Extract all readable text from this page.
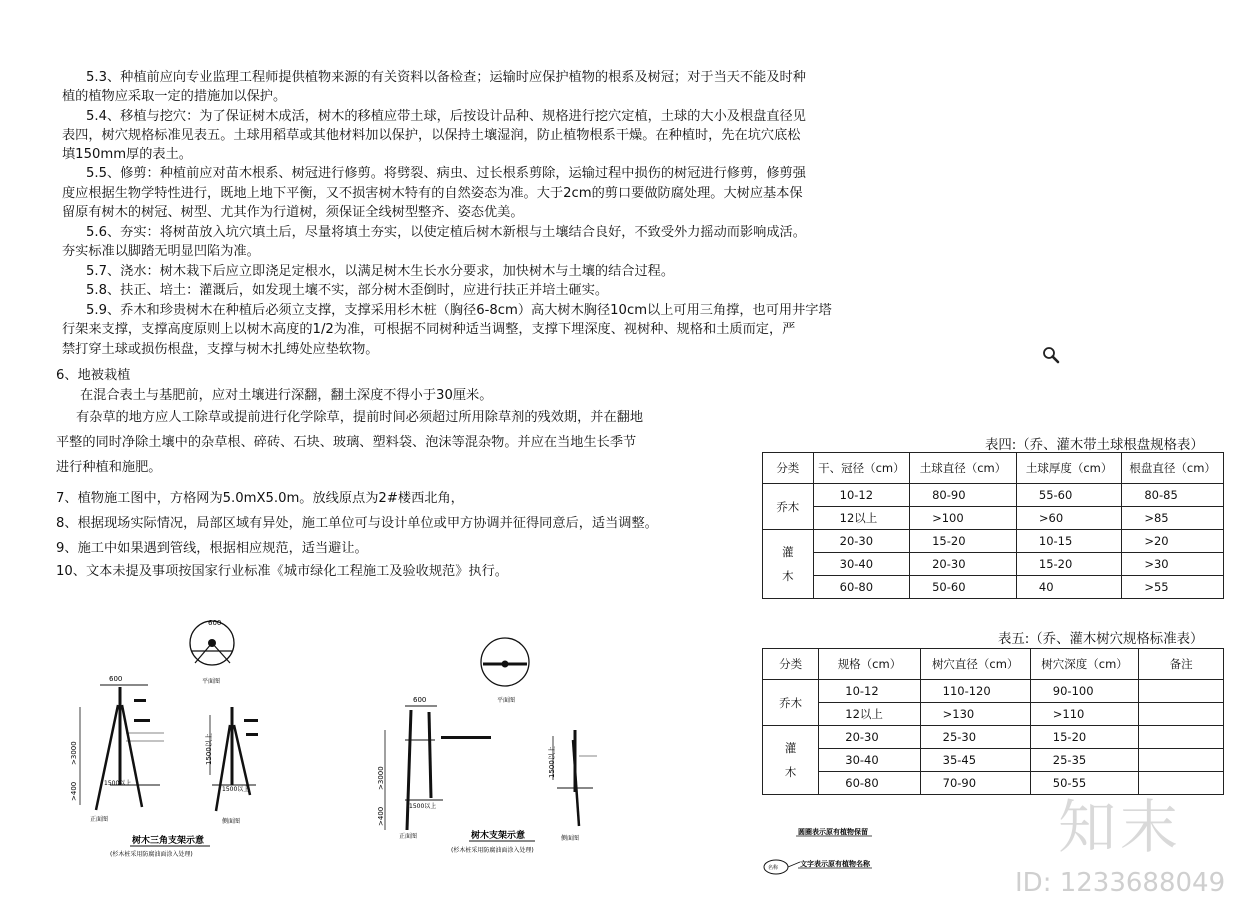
5.3、种植前应向专业监理工程师提供植物来源的有关资料以备检查；运输时应保护植物的根系及树冠；对于当天不能及时种
植的植物应采取一定的措施加以保护。
5.4、移植与挖穴：为了保证树木成活，树木的移植应带土球，后按设计品种、规格进行挖穴定植，土球的大小及根盘直径见
表四，树穴规格标准见表五。土球用稻草或其他材料加以保护，以保持土壤湿润，防止植物根系干燥。在种植时，先在坑穴底松
填150mm厚的表土。
5.5、修剪：种植前应对苗木根系、树冠进行修剪。将劈裂、病虫、过长根系剪除，运输过程中损伤的树冠进行修剪，修剪强
度应根据生物学特性进行，既地上地下平衡，又不损害树木特有的自然姿态为准。大于2cm的剪口要做防腐处理。大树应基本保
留原有树木的树冠、树型、尤其作为行道树，须保证全线树型整齐、姿态优美。
5.6、夯实：将树苗放入坑穴填土后，尽量将填土夯实，以使定植后树木新根与土壤结合良好，不致受外力摇动而影响成活。
夯实标准以脚踏无明显凹陷为准。
5.7、浇水：树木栽下后应立即浇足定根水，以满足树木生长水分要求，加快树木与土壤的结合过程。
5.8、扶正、培土：灌溉后，如发现土壤不实，部分树木歪倒时，应进行扶正并培土砸实。
5.9、乔木和珍贵树木在种植后必须立支撑，支撑采用杉木桩（胸径6-8cm）高大树木胸径10cm以上可用三角撑，也可用井字塔
行架来支撑，支撑高度原则上以树木高度的1/2为准，可根据不同树种适当调整，支撑下埋深度、视树种、规格和土质而定，严
禁打穿土球或损伤根盘，支撑与树木扎缚处应垫软物。
6、地被栽植
在混合表土与基肥前，应对土壤进行深翻，翻土深度不得小于30厘米。
有杂草的地方应人工除草或提前进行化学除草，提前时间必须超过所用除草剂的残效期，并在翻地
平整的同时净除土壤中的杂草根、碎砖、石块、玻璃、塑料袋、泡沫等混杂物。并应在当地生长季节
进行种植和施肥。
7、植物施工图中，方格网为5.0mX5.0m。放线原点为2#楼西北角，
8、根据现场实际情况，局部区域有异处，施工单位可与设计单位或甲方协调并征得同意后，适当调整。
9、施工中如果遇到管线，根据相应规范，适当避让。
10、文本未提及事项按国家行业标准《城市绿化工程施工及验收规范》执行。
表四:（乔、灌木带土球根盘规格表）
分类	干、冠径（cm）	土球直径（cm）	土球厚度（cm）	根盘直径（cm）
乔木	10-12	80-90	55-60	80-85
	12以上	>100	>60	>85
灌

木	20-30	15-20	10-15	>20
	30-40	20-30	15-20	>30
	60-80	50-60	40	>55
表五:（乔、灌木树穴规格标准表）
分类	规格（cm）	树穴直径（cm）	树穴深度（cm）	备注
乔木	10-12	110-120	90-100	
	12以上	>130	>110	
灌

木	20-30	25-30	15-20	
	30-40	35-45	25-35	
	60-80	70-90	50-55	
600
平面图
600
1500以上
>3000
>400
正面图
1500以上
1500以上
侧面图
树木三角支架示意
(杉木桩采用防腐油面涂入处理)
平面图
600
1500以上
>3000
>400
正面图
1500以上
侧面图
树木支架示意
(杉木桩采用防腐油面涂入处理)
圆圈表示原有植物保留
名称	文字表示原有植物名称
知末
ID: 1233688049
